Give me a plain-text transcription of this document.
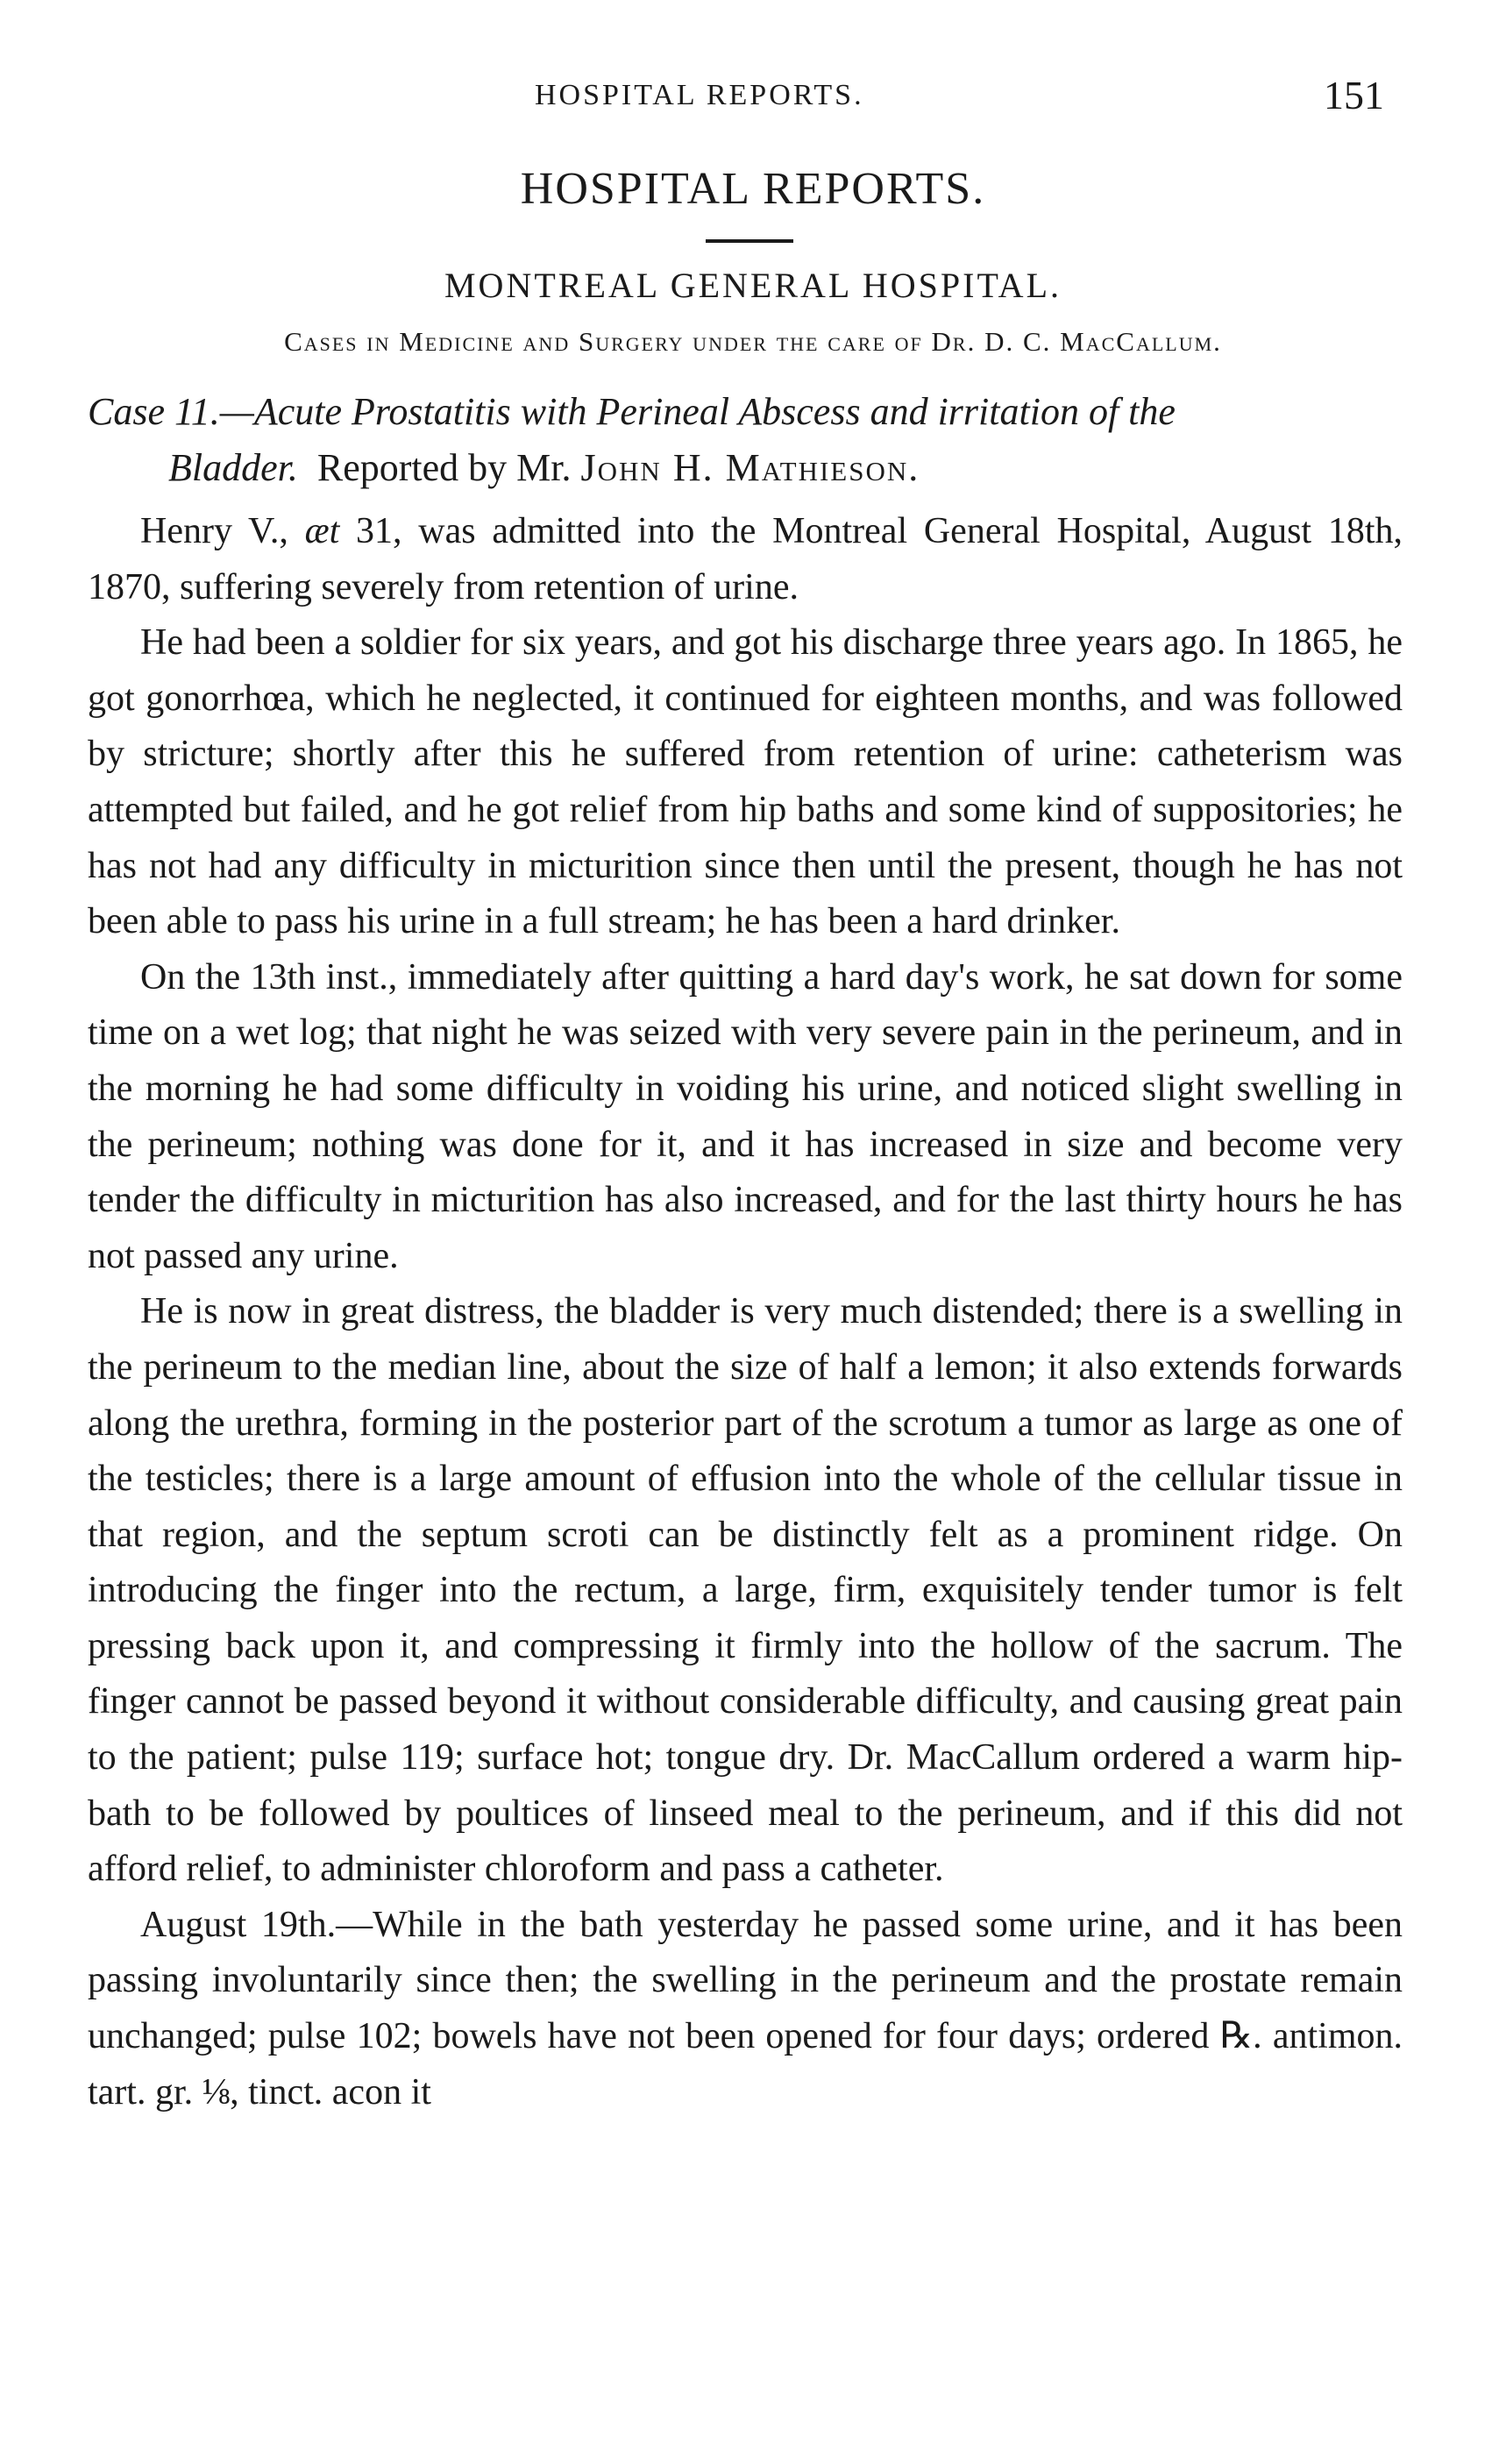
HOSPITAL REPORTS.	151
HOSPITAL REPORTS.
MONTREAL GENERAL HOSPITAL.
Cases in Medicine and Surgery under the care of Dr. D. C. MacCallum.
Case 11.—Acute Prostatitis with Perineal Abscess and irritation of the
Bladder. Reported by Mr. John H. Mathieson.

Henry V., æt 31, was admitted into the Montreal General Hospital, August 18th, 1870, suffering severely from retention of urine.

He had been a soldier for six years, and got his discharge three years ago. In 1865, he got gonorrhœa, which he neglected, it continued for eighteen months, and was followed by stricture; shortly after this he suffered from retention of urine: catheterism was attempted but failed, and he got relief from hip baths and some kind of suppositories; he has not had any difficulty in micturition since then until the present, though he has not been able to pass his urine in a full stream; he has been a hard drinker.

On the 13th inst., immediately after quitting a hard day's work, he sat down for some time on a wet log; that night he was seized with very severe pain in the perineum, and in the morning he had some difficulty in voiding his urine, and noticed slight swelling in the perineum; nothing was done for it, and it has increased in size and become very tender the difficulty in micturition has also increased, and for the last thirty hours he has not passed any urine.

He is now in great distress, the bladder is very much distended; there is a swelling in the perineum to the median line, about the size of half a lemon; it also extends forwards along the urethra, forming in the posterior part of the scrotum a tumor as large as one of the testicles; there is a large amount of effusion into the whole of the cellular tissue in that region, and the septum scroti can be distinctly felt as a prominent ridge. On introducing the finger into the rectum, a large, firm, exquisitely tender tumor is felt pressing back upon it, and compressing it firmly into the hollow of the sacrum. The finger cannot be passed beyond it without considerable difficulty, and causing great pain to the patient; pulse 119; surface hot; tongue dry. Dr. MacCallum ordered a warm hip-bath to be followed by poultices of linseed meal to the perineum, and if this did not afford relief, to administer chloroform and pass a catheter.

August 19th.—While in the bath yesterday he passed some urine, and it has been passing involuntarily since then; the swelling in the perineum and the prostate remain unchanged; pulse 102; bowels have not been opened for four days; ordered ℞. antimon. tart. gr. ⅛, tinct. acon it
